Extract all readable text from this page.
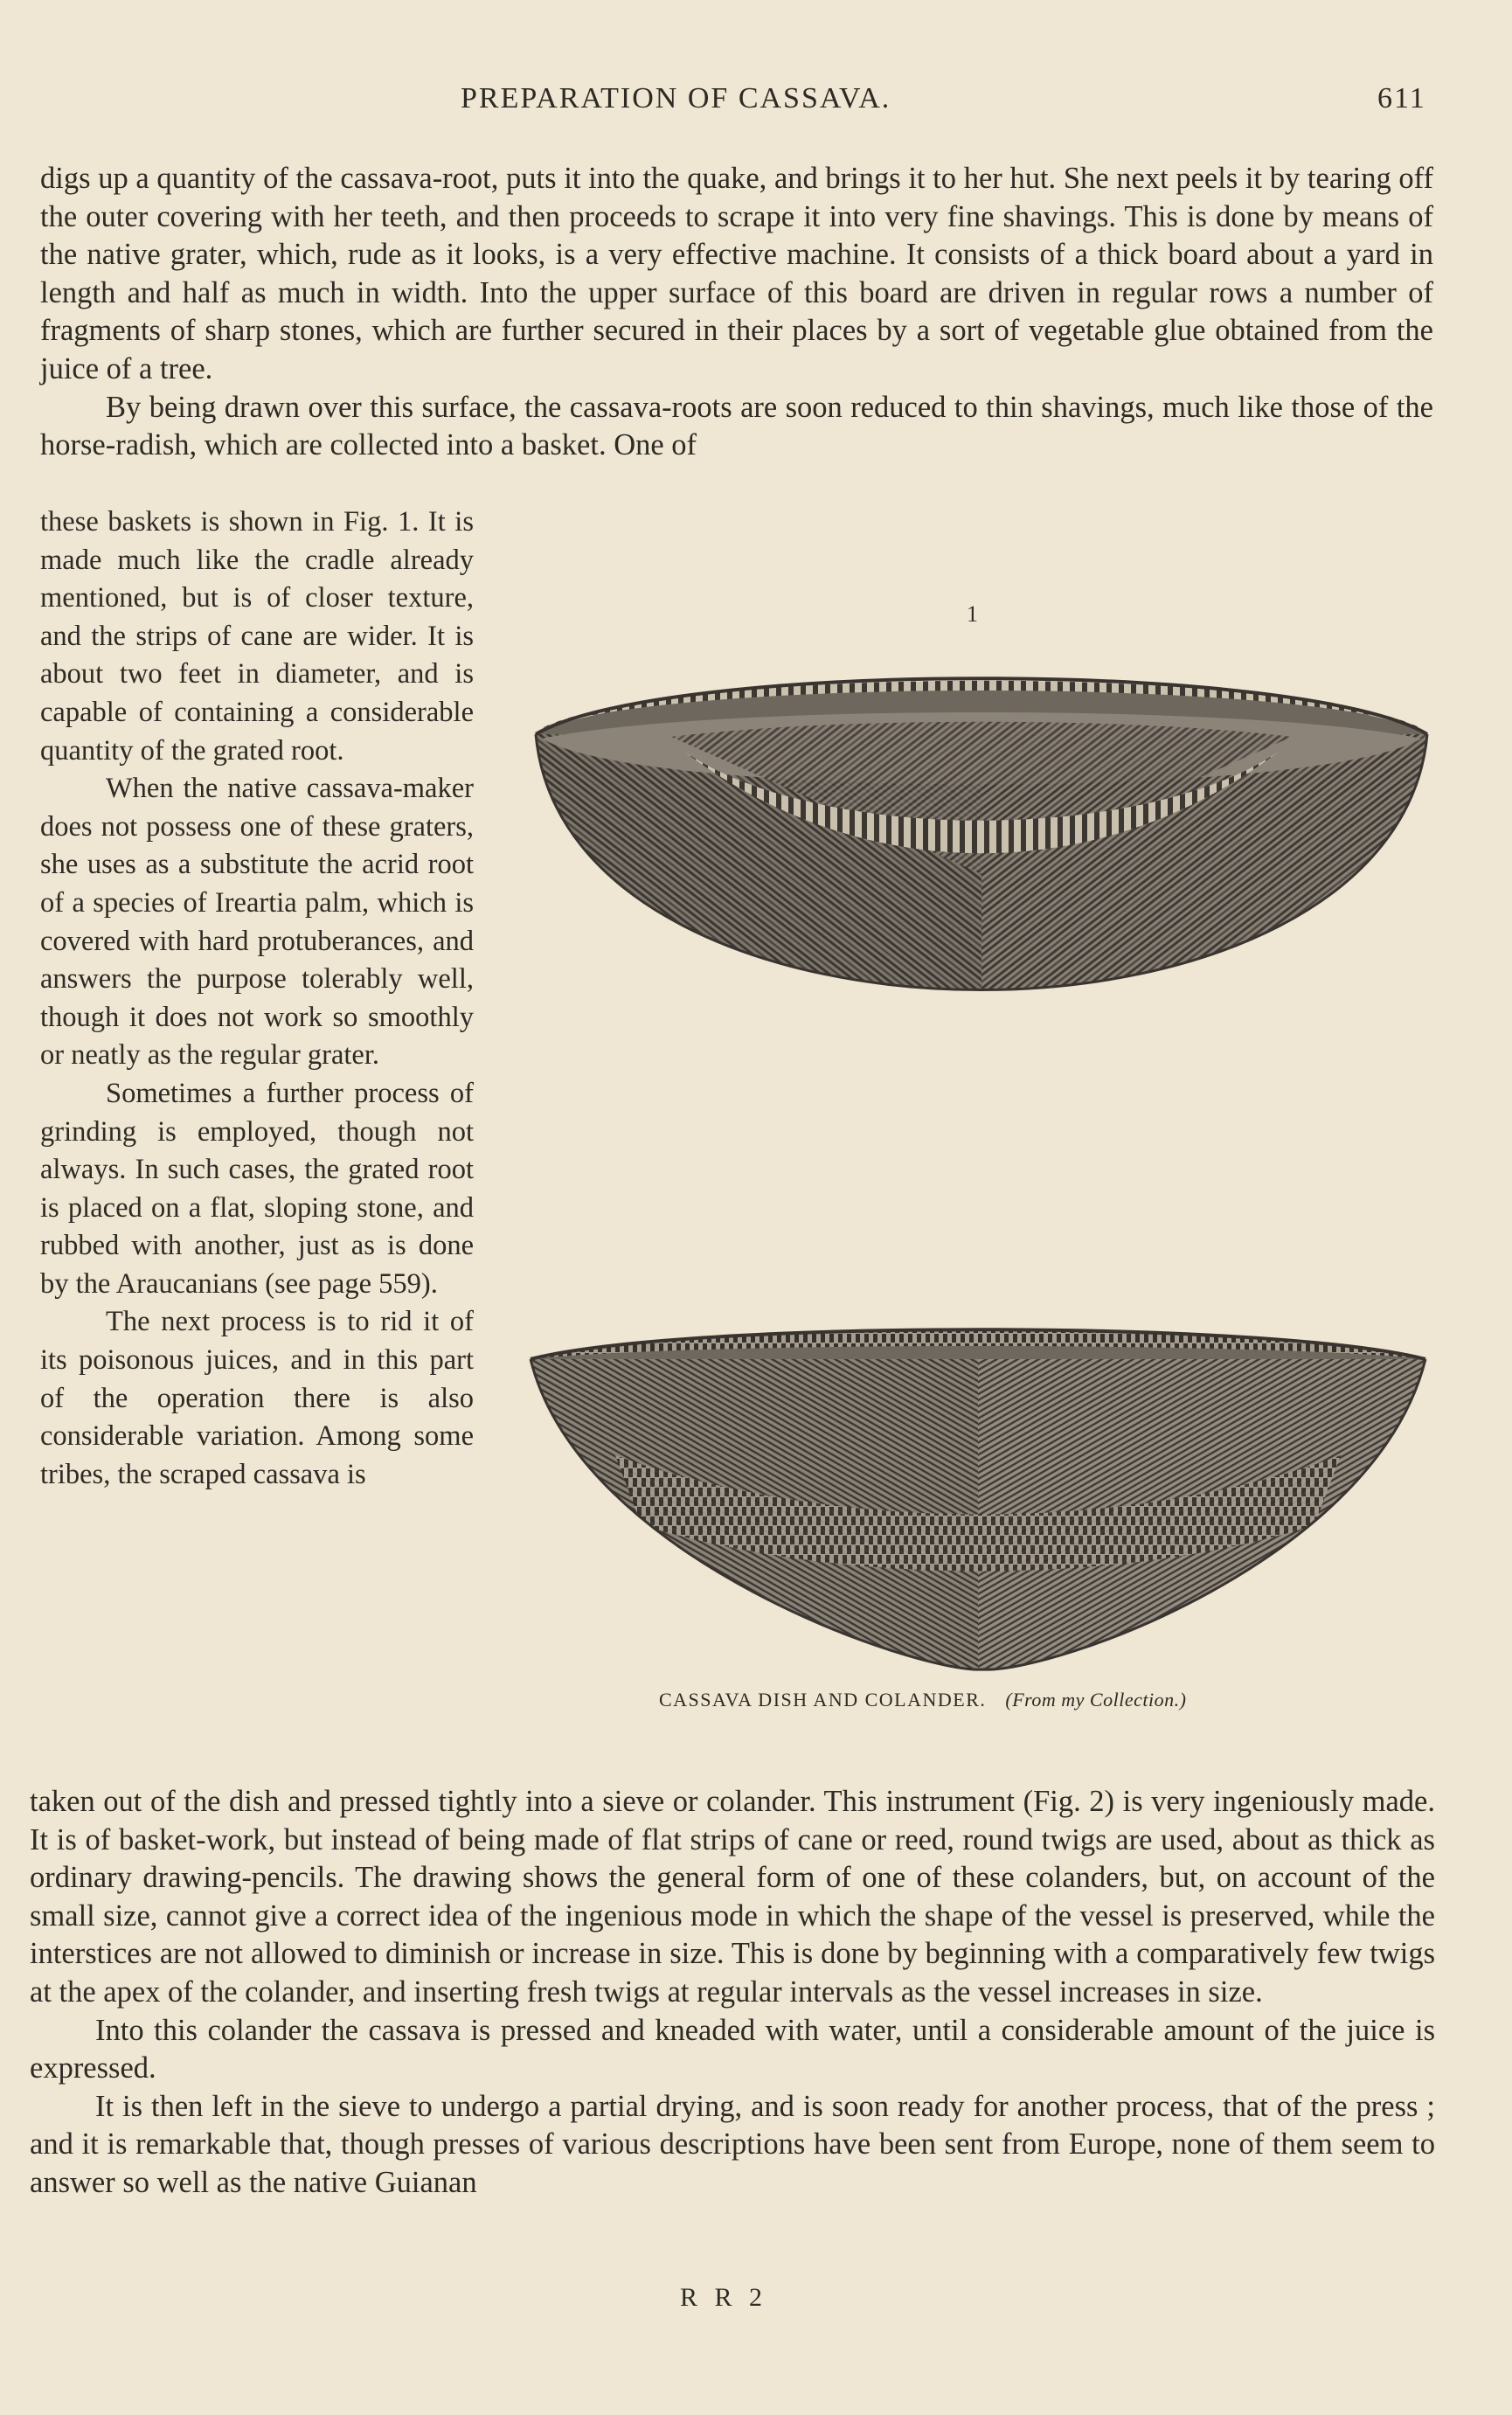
PREPARATION OF CASSAVA.	611

digs up a quantity of the cassava-root, puts it into the quake, and brings it to her hut. She next peels it by tearing off the outer covering with her teeth, and then proceeds to scrape it into very fine shavings. This is done by means of the native grater, which, rude as it looks, is a very effective machine. It consists of a thick board about a yard in length and half as much in width. Into the upper surface of this board are driven in regular rows a number of fragments of sharp stones, which are further secured in their places by a sort of vegetable glue obtained from the juice of a tree.

By being drawn over this surface, the cassava-roots are soon reduced to thin shavings, much like those of the horse-radish, which are collected into a basket. One of

these baskets is shown in Fig. 1. It is made much like the cradle already mentioned, but is of closer texture, and the strips of cane are wider. It is about two feet in diameter, and is capable of containing a considerable quantity of the grated root.

When the native cassava-maker does not possess one of these graters, she uses as a substitute the acrid root of a species of Ireartia palm, which is covered with hard protuberances, and answers the purpose tolerably well, though it does not work so smoothly or neatly as the regular grater.

Sometimes a further process of grinding is employed, though not always. In such cases, the grated root is placed on a flat, sloping stone, and rubbed with another, just as is done by the Araucanians (see page 559).

The next process is to rid it of its poisonous juices, and in this part of the operation there is also considerable variation. Among some tribes, the scraped cassava is

1
CASSAVA DISH AND COLANDER. (From my Collection.)

taken out of the dish and pressed tightly into a sieve or colander. This instrument (Fig. 2) is very ingeniously made. It is of basket-work, but instead of being made of flat strips of cane or reed, round twigs are used, about as thick as ordinary drawing-pencils. The drawing shows the general form of one of these colanders, but, on account of the small size, cannot give a correct idea of the ingenious mode in which the shape of the vessel is preserved, while the interstices are not allowed to diminish or increase in size. This is done by beginning with a comparatively few twigs at the apex of the colander, and inserting fresh twigs at regular intervals as the vessel increases in size.

Into this colander the cassava is pressed and kneaded with water, until a considerable amount of the juice is expressed.

It is then left in the sieve to undergo a partial drying, and is soon ready for another process, that of the press ; and it is remarkable that, though presses of various descriptions have been sent from Europe, none of them seem to answer so well as the native Guianan

R R 2
